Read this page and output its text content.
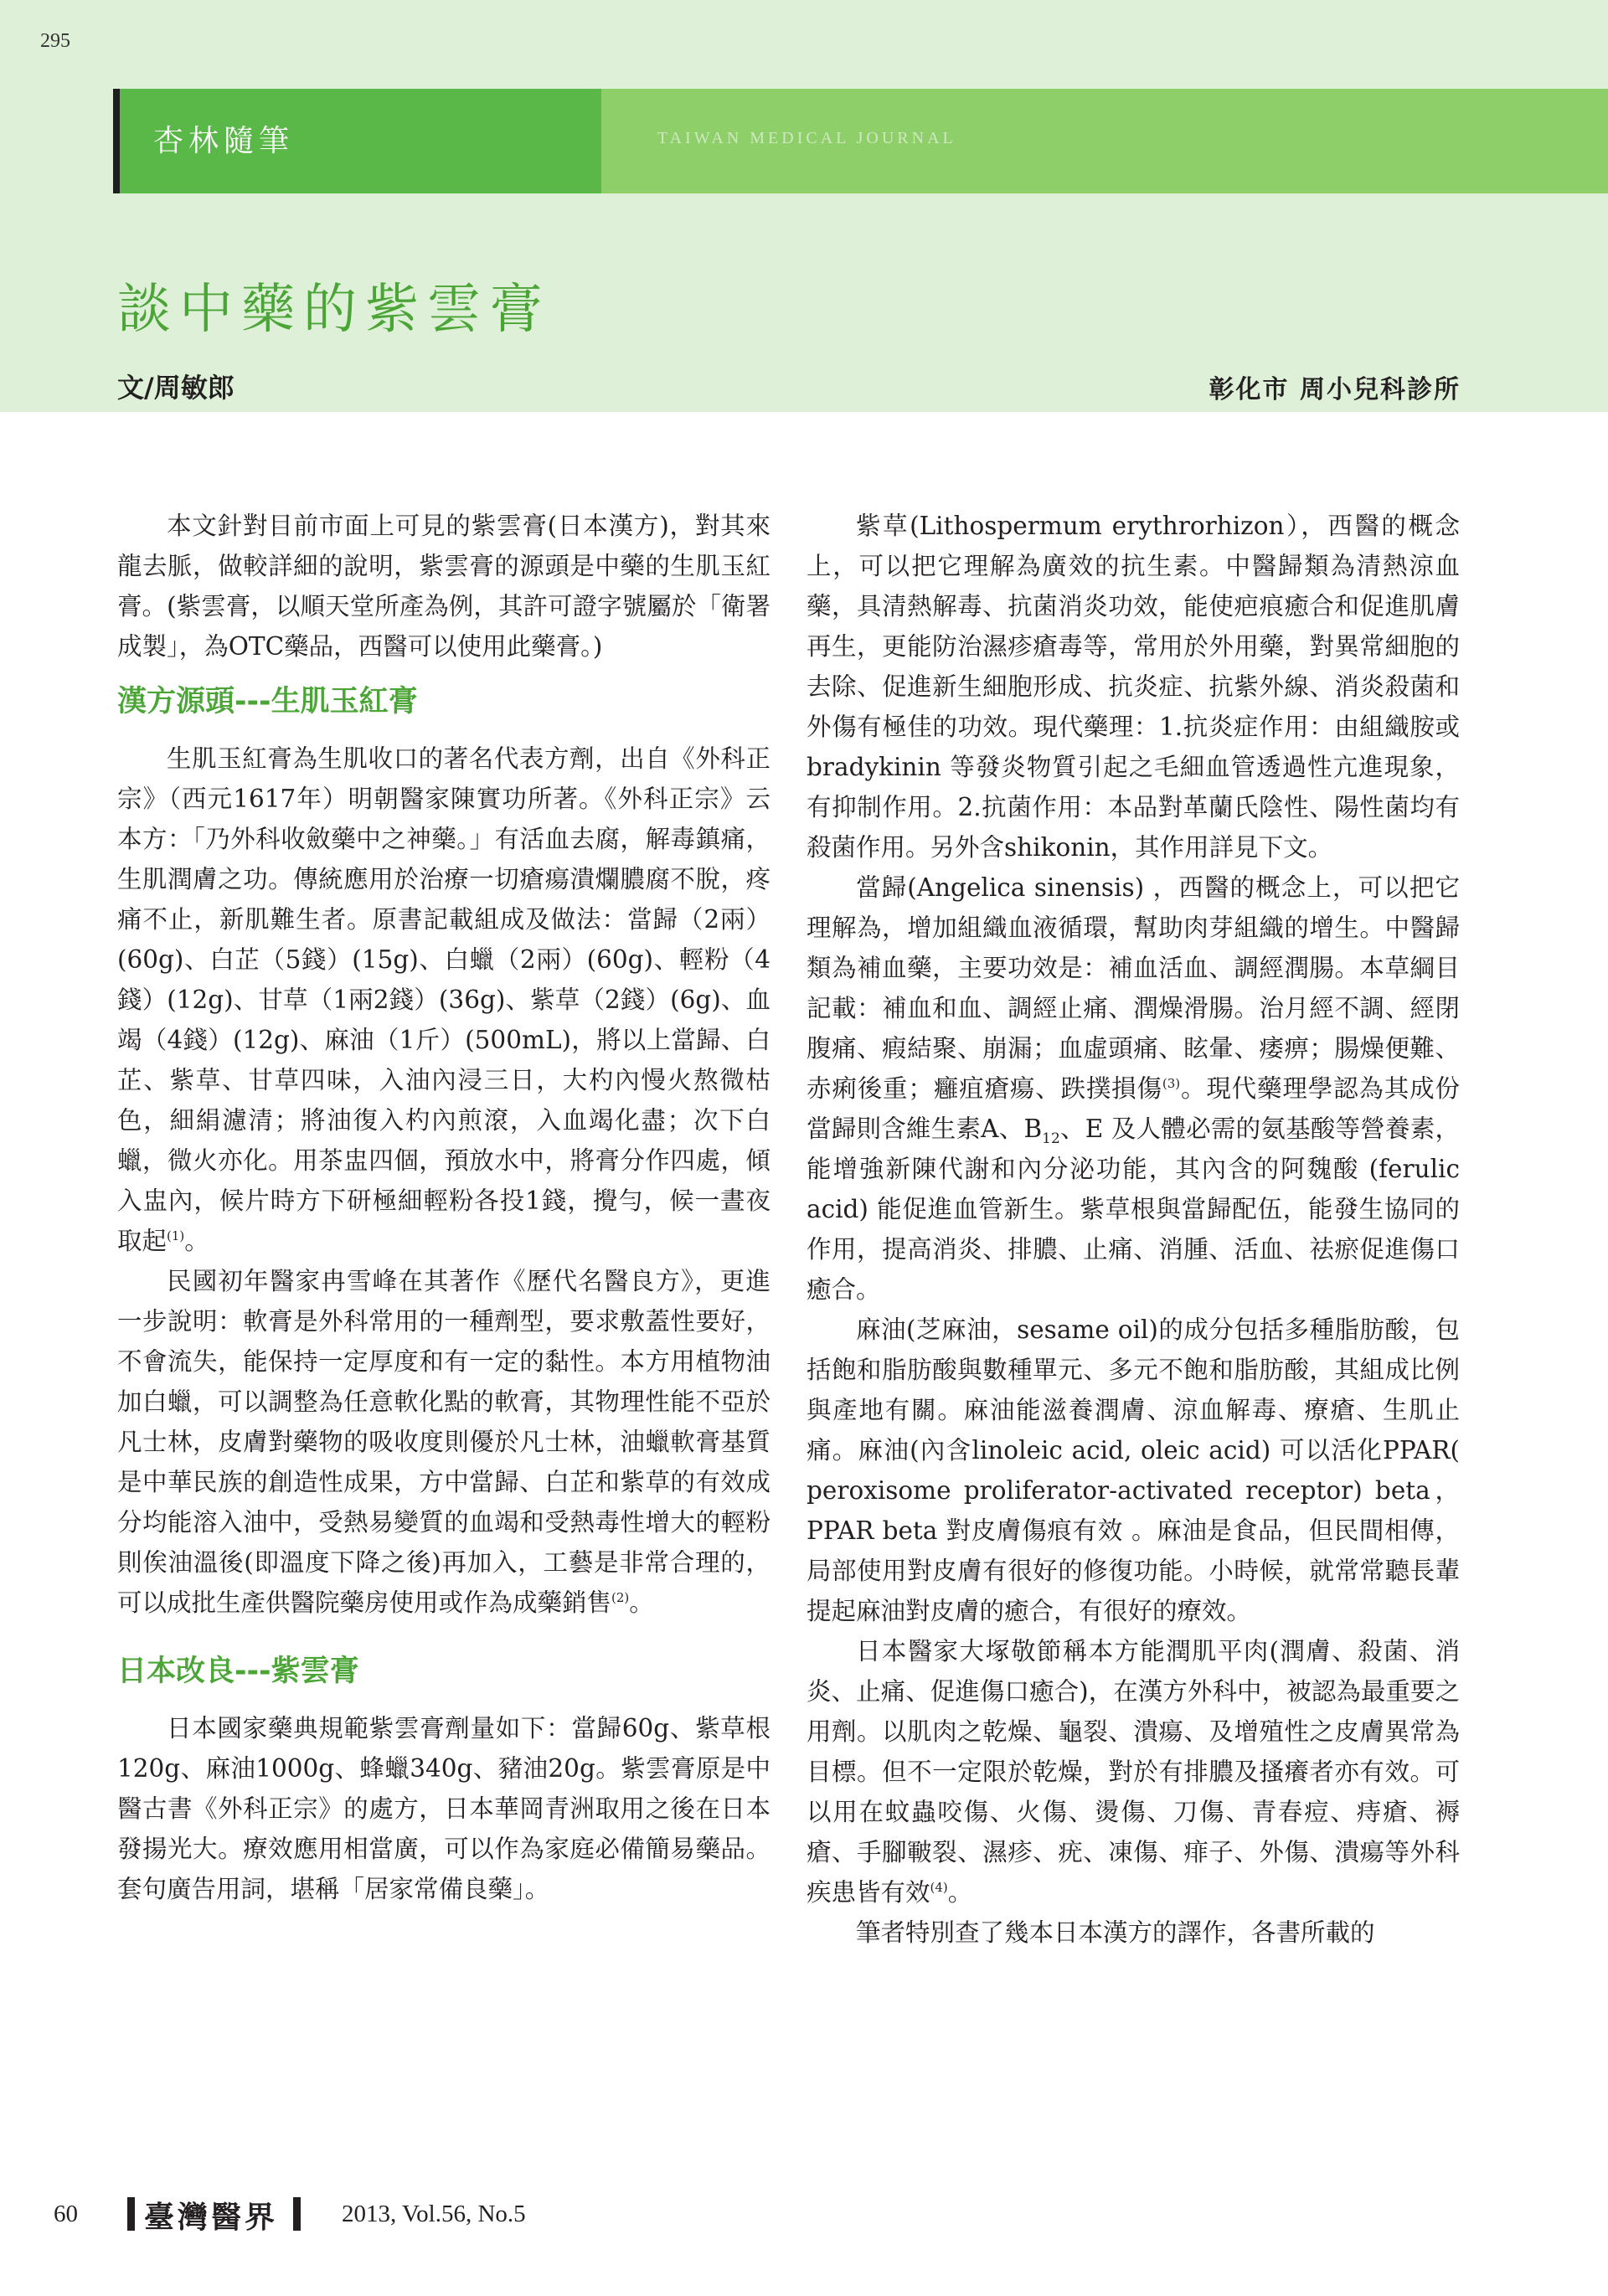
295
杏林隨筆	TAIWAN MEDICAL JOURNAL
談中藥的紫雲膏
文/周敏郎	彰化市 周小兒科診所

本文針對目前市面上可見的紫雲膏(日本漢方)，對其來龍去脈，做較詳細的說明，紫雲膏的源頭是中藥的生肌玉紅膏。(紫雲膏，以順天堂所產為例，其許可證字號屬於「衛署成製」，為OTC藥品，西醫可以使用此藥膏。)

漢方源頭---生肌玉紅膏

生肌玉紅膏為生肌收口的著名代表方劑，出自《外科正宗》（西元1617年）明朝醫家陳實功所著。《外科正宗》云本方：「乃外科收斂藥中之神藥。」有活血去腐，解毒鎮痛，生肌潤膚之功。傳統應用於治療一切瘡瘍潰爛膿腐不脫，疼痛不止，新肌難生者。原書記載組成及做法：當歸（2兩）(60g)、白芷（5錢）(15g)、白蠟（2兩）(60g)、輕粉（4錢）(12g)、甘草（1兩2錢）(36g)、紫草（2錢）(6g)、血竭（4錢）(12g)、麻油（1斤）(500mL)，將以上當歸、白芷、紫草、甘草四味，入油內浸三日，大杓內慢火熬微枯色，細絹濾清；將油復入杓內煎滾，入血竭化盡；次下白蠟，微火亦化。用茶盅四個，預放水中，將膏分作四處，傾入盅內，候片時方下研極細輕粉各投1錢，攪勻，候一晝夜取起$^{(1)}$。

民國初年醫家冉雪峰在其著作《歷代名醫良方》，更進一步說明：軟膏是外科常用的一種劑型，要求敷蓋性要好，不會流失，能保持一定厚度和有一定的黏性。本方用植物油加白蠟，可以調整為任意軟化點的軟膏，其物理性能不亞於凡士林，皮膚對藥物的吸收度則優於凡士林，油蠟軟膏基質是中華民族的創造性成果，方中當歸、白芷和紫草的有效成分均能溶入油中，受熱易變質的血竭和受熱毒性增大的輕粉則俟油溫後(即溫度下降之後)再加入，工藝是非常合理的，可以成批生產供醫院藥房使用或作為成藥銷售$^{(2)}$。

日本改良---紫雲膏

日本國家藥典規範紫雲膏劑量如下：當歸60g、紫草根120g、麻油1000g、蜂蠟340g、豬油20g。紫雲膏原是中醫古書《外科正宗》的處方，日本華岡青洲取用之後在日本發揚光大。療效應用相當廣，可以作為家庭必備簡易藥品。套句廣告用詞，堪稱「居家常備良藥」。

紫草(Lithospermum erythrorhizon），西醫的概念上，可以把它理解為廣效的抗生素。中醫歸類為清熱涼血藥，具清熱解毒、抗菌消炎功效，能使疤痕癒合和促進肌膚再生，更能防治濕疹瘡毒等，常用於外用藥，對異常細胞的去除、促進新生細胞形成、抗炎症、抗紫外線、消炎殺菌和外傷有極佳的功效。現代藥理：1.抗炎症作用：由組織胺或 bradykinin 等發炎物質引起之毛細血管透過性亢進現象，有抑制作用。2.抗菌作用：本品對革蘭氏陰性、陽性菌均有殺菌作用。另外含shikonin，其作用詳見下文。

當歸(Angelica sinensis) ，西醫的概念上，可以把它理解為，增加組織血液循環，幫助肉芽組織的增生。中醫歸類為補血藥，主要功效是：補血活血、調經潤腸。本草綱目記載：補血和血、調經止痛、潤燥滑腸。治月經不調、經閉腹痛、瘕結聚、崩漏；血虛頭痛、眩暈、痿痹；腸燥便難、赤痢後重；癰疽瘡瘍、跌撲損傷$^{(3)}$。現代藥理學認為其成份當歸則含維生素A、$B_{12}$、E 及人體必需的氨基酸等營養素，能增強新陳代謝和內分泌功能，其內含的阿魏酸 (ferulic acid) 能促進血管新生。紫草根與當歸配伍，能發生協同的作用，提高消炎、排膿、止痛、消腫、活血、祛瘀促進傷口癒合。

麻油(芝麻油，sesame oil)的成分包括多種脂肪酸，包括飽和脂肪酸與數種單元、多元不飽和脂肪酸，其組成比例與產地有關。麻油能滋養潤膚、涼血解毒、療瘡、生肌止痛。麻油(內含linoleic acid, oleic acid) 可以活化PPAR( peroxisome proliferator-activated receptor) beta，PPAR beta 對皮膚傷痕有效 。麻油是食品，但民間相傳，局部使用對皮膚有很好的修復功能。小時候，就常常聽長輩提起麻油對皮膚的癒合，有很好的療效。

日本醫家大塚敬節稱本方能潤肌平肉(潤膚、殺菌、消炎、止痛、促進傷口癒合)，在漢方外科中，被認為最重要之用劑。以肌肉之乾燥、龜裂、潰瘍、及增殖性之皮膚異常為目標。但不一定限於乾燥，對於有排膿及搔癢者亦有效。可以用在蚊蟲咬傷、火傷、燙傷、刀傷、青春痘、痔瘡、褥瘡、手腳皸裂、濕疹、疣、凍傷、痱子、外傷、潰瘍等外科疾患皆有效$^{(4)}$。

筆者特別查了幾本日本漢方的譯作，各書所載的

60 臺灣醫界	2013, Vol.56, No.5
